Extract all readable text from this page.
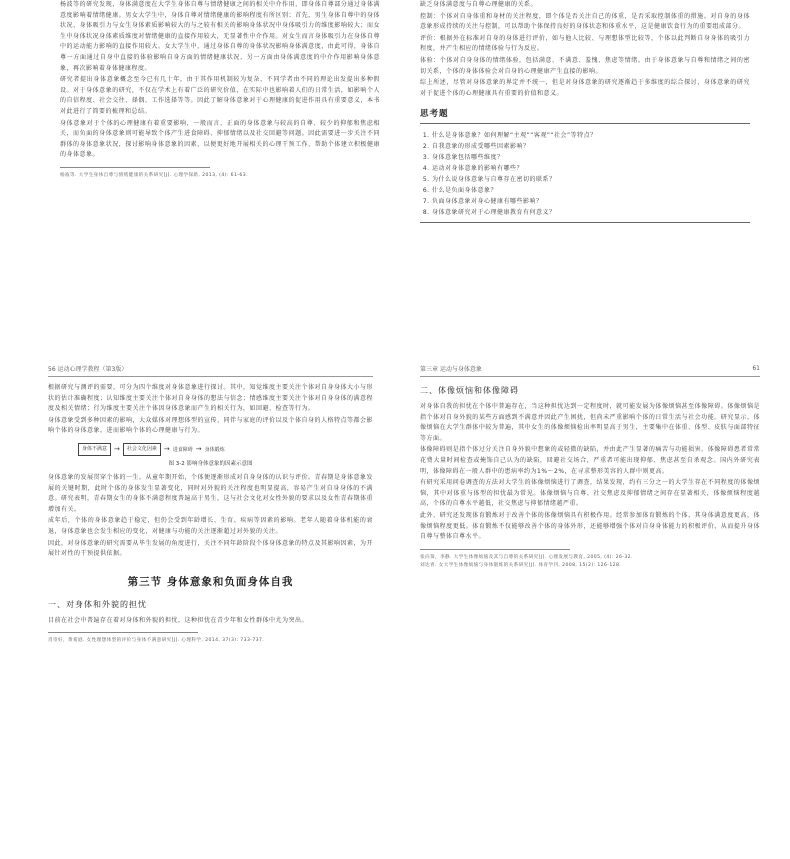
杨波等的研究发现，身体满意度在大学生身体自尊与情绪健康之间的相关中介作用，即身体自尊部分通过身体满意度影响着情绪健康。男女大学生中，身体自尊对情绪健康的影响程度有所区别；首先，男生身体自尊中的身体状况、身体吸引力与女生身体素质影响较大的与之较有相关的影响身体状况中身体吸引力的维度影响较大；而女生中身体状况身体素质维度对情绪健康的直接作用较大，无显著性中介作用。对女生而言身体吸引力在身体自尊中的运动能力影响的直接作用较大。女大学生中，通过身体自尊的身体状况影响身体满意度，由此可得，身体自尊一方面通过自身中直接的体验影响自身方面的情绪健康状况，另一方面由身体满意度的中介作用影响身体意象，再次影响着身体健康程度。

研究者提出身体意象概念至今已有几十年，由于其作用机制较为复杂，不同学者由不同的理论出发提出多种假设。对于身体意象的研究，不仅在学术上有着广泛的研究价值，在实际中也影响着人们的日常生活，如影响个人的自信程度、社会交往、择偶、工作选择等等。因此了解身体意象对于心理健康的促进作用具有重要意义，本书对此进行了简要的梳理和总结。

身体意象对于个体的心理健康有着重要影响，一般而言，正面的身体意象与较高的自尊、较少的抑郁和焦虑相关，而负面的身体意象则可能导致个体产生进食障碍、抑郁情绪以及社交回避等问题。因此需要进一步关注不同群体的身体意象状况，探讨影响身体意象的因素，以便更好地开展相关的心理干预工作，帮助个体建立积极健康的身体意象。

杨波等. 大学生身体自尊与情绪健康的关系研究[J]. 心理学探新, 2013, (4): 61-63.

缺乏身体满意度与自尊心理健康的关系。

控制：个体对自身体重和身材的关注程度，即个体是否关注自己的体重，是否采取控制体重的措施。对自身的身体意象形成持续的关注与控制，可以帮助个体保持良好的身体状态和体重水平，这是健康饮食行为的重要组成部分。

评价：根据外在标准对自身的身体进行评价，如与他人比较、与理想体型比较等，个体以此判断自身身体的吸引力程度，并产生相应的情绪体验与行为反应。

体验：个体对自身身体的情绪体验，包括满意、不满意、羞愧、焦虑等情绪。由于身体意象与自尊和情绪之间的密切关系，个体的身体体验会对自身的心理健康产生直接的影响。

综上所述，尽管对身体意象的界定并不统一，但是对身体意象的研究逐渐趋于多维度的综合探讨，身体意象的研究对于促进个体的心理健康具有重要的价值和意义。

思考题
1. 什么是身体意象？如何理解“主观”“客观”“社会”等特点？
2. 自我意象的形成受哪些因素影响？
3. 身体意象包括哪些维度？
4. 运动对身体意象的影响有哪些？
5. 为什么说身体意象与自尊存在密切的联系？
6. 什么是负面身体意象？
7. 负面身体意象对身心健康有哪些影响？
8. 身体意象研究对于心理健康教育有何意义？
56 运动心理学教程（第3版）

根据研究与测评的需要，可分为四个维度对身体意象进行探讨。其中，知觉维度主要关注个体对自身身体大小与形状的估计准确程度；认知维度主要关注个体对自身身体的想法与信念；情感维度主要关注个体对自身身体的满意程度及相关情绪；行为维度主要关注个体因身体意象而产生的相关行为，如回避、检查等行为。

身体意象受到多种因素的影响，大众媒体对理想体型的宣传、同伴与家庭的评价以及个体自身的人格特点等都会影响个体的身体意象，进而影响个体的心理健康与行为。

身体不满意	→	社会文化因素	→ 进食障碍 → 身体锻炼
图 3-2 影响身体意象的因素示意图

身体意象的发展贯穿个体的一生，从童年期开始，个体便逐渐形成对自身身体的认识与评价。青春期是身体意象发展的关键时期，此时个体的身体发生显著变化，同时对外貌的关注程度也明显提高，容易产生对自身身体的不满意。研究表明，青春期女生的身体不满意程度普遍高于男生，这与社会文化对女性外貌的要求以及女性青春期体重增加有关。

成年后，个体的身体意象趋于稳定，但仍会受到年龄增长、生育、疾病等因素的影响。老年人随着身体机能的衰退，身体意象也会发生相应的变化，对健康与功能的关注逐渐超过对外貌的关注。

因此，对身体意象的研究需要从毕生发展的角度进行，关注不同年龄阶段个体身体意象的特点及其影响因素，为开展针对性的干预提供依据。

第三节 身体意象和负面身体自我
一、对身体和外貌的担忧

目前在社会中普遍存在着对身体和外貌的担忧，这种担忧在青少年和女性群体中尤为突出。

肖崇好，黄希庭. 女性理想体型的评价与身体不满意研究[J]. 心理科学, 2014, 37(3): 733-737.

第三章 运动与身体意象	61
二、体像烦恼和体像障碍

对身体自我的担忧在个体中普遍存在，当这种担忧达到一定程度时，就可能发展为体像烦恼甚至体像障碍。体像烦恼是指个体对自身外貌的某些方面感到不满意并因此产生困扰，但尚未严重影响个体的日常生活与社会功能。研究显示，体像烦恼在大学生群体中较为普遍，其中女生的体像烦恼检出率明显高于男生，主要集中在体重、体型、皮肤与面部特征等方面。

体像障碍则是指个体过分关注自身外貌中想象的或轻微的缺陷，并由此产生显著的痛苦与功能损害。体像障碍患者常常花费大量时间检查或掩饰自己认为的缺陷，回避社交场合，严重者可能出现抑郁、焦虑甚至自杀观念。国内外研究表明，体像障碍在一般人群中的患病率约为1%～2%，在寻求整形美容的人群中则更高。

有研究采用问卷调查的方法对大学生的体像烦恼进行了调查，结果发现，约有三分之一的大学生存在不同程度的体像烦恼，其中对体重与体型的担忧最为常见。体像烦恼与自尊、社交焦虑及抑郁情绪之间存在显著相关，体像烦恼程度越高，个体的自尊水平越低，社交焦虑与抑郁情绪越严重。

此外，研究还发现体育锻炼对于改善个体的体像烦恼具有积极作用。经常参加体育锻炼的个体，其身体满意度更高，体像烦恼程度更低。体育锻炼不仅能够改善个体的身体外形，还能够增强个体对自身身体能力的积极评价，从而提升身体自尊与整体自尊水平。

张向葵，李静. 大学生体像烦恼及其与自尊的关系研究[J]. 心理发展与教育, 2005, (4): 26-32.

刘达青. 女大学生体像烦恼与身体锻炼的关系研究[J]. 体育学刊, 2008, 15(2): 126-128.
